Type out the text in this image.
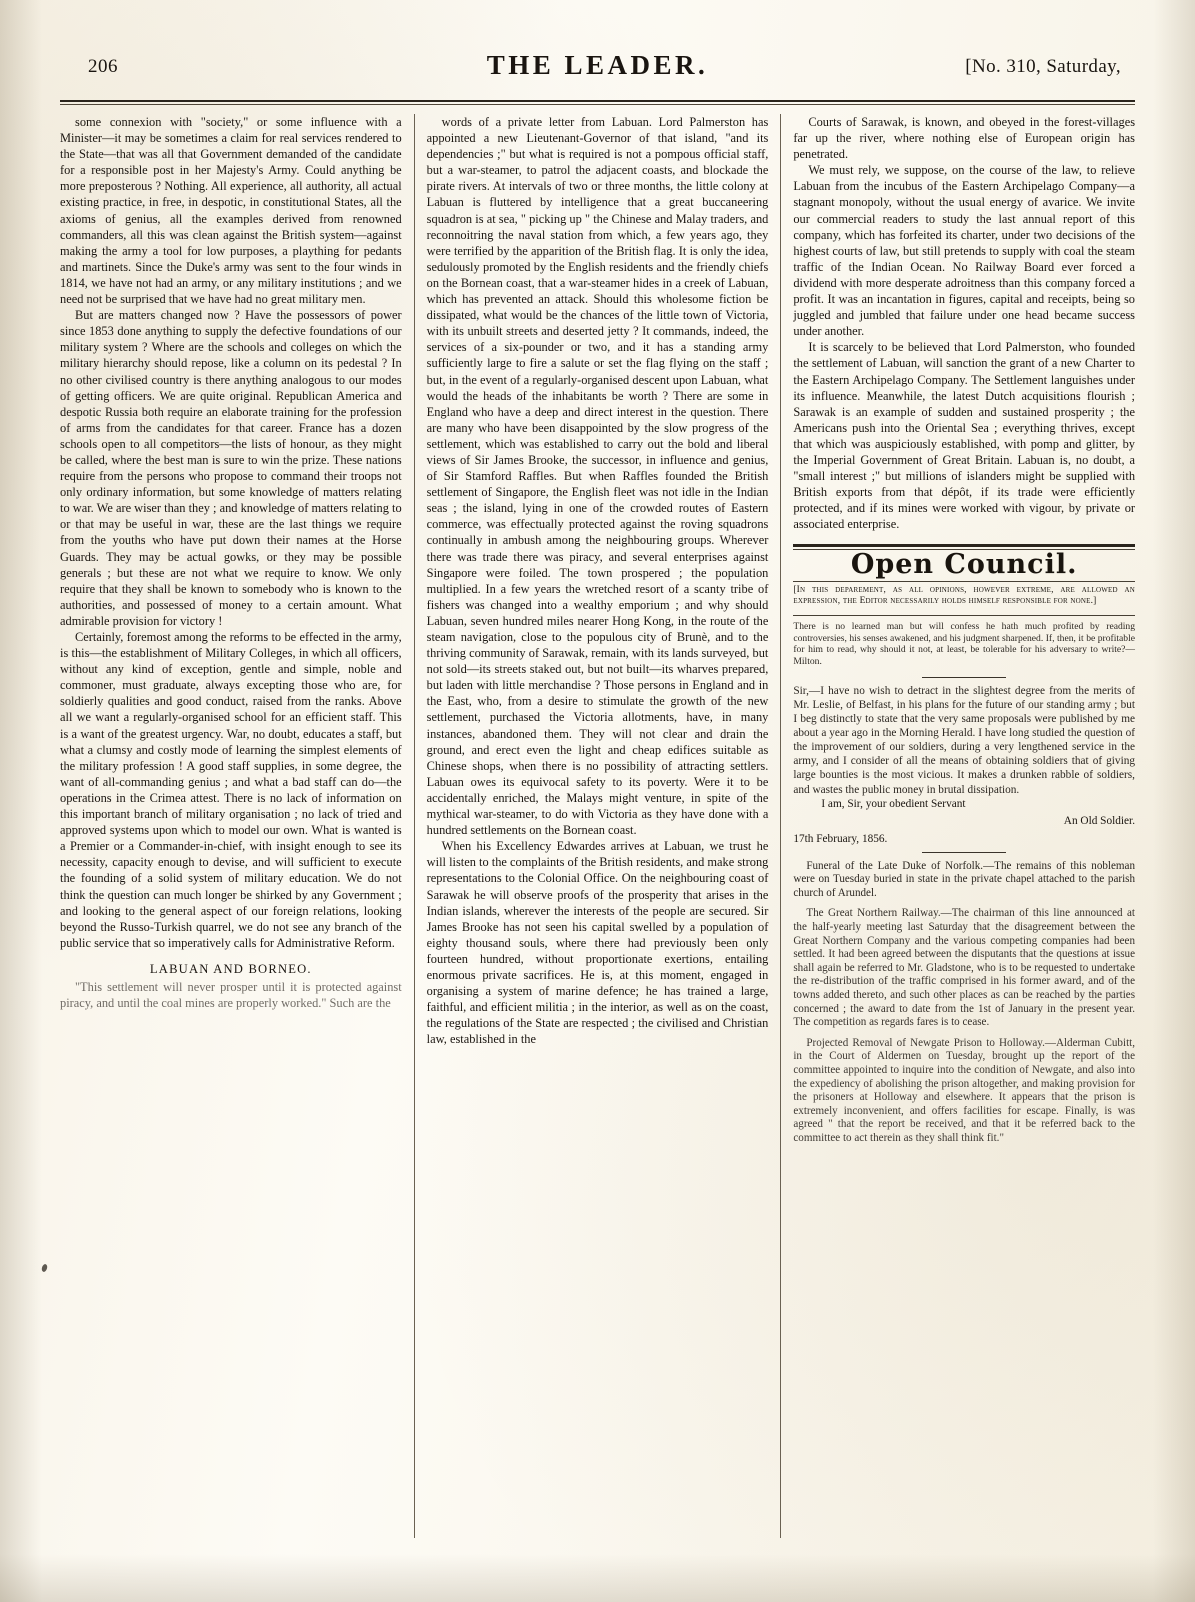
206	THE LEADER.	[No. 310, Saturday,

some connexion with "society," or some influence with a Minister—it may be sometimes a claim for real services rendered to the State—that was all that Government demanded of the candidate for a responsible post in her Majesty's Army. Could anything be more preposterous ? Nothing. All experience, all authority, all actual existing practice, in free, in despotic, in constitutional States, all the axioms of genius, all the examples derived from renowned commanders, all this was clean against the British system—against making the army a tool for low purposes, a plaything for pedants and martinets. Since the Duke's army was sent to the four winds in 1814, we have not had an army, or any military institutions ; and we need not be surprised that we have had no great military men.

But are matters changed now ? Have the possessors of power since 1853 done anything to supply the defective foundations of our military system ? Where are the schools and colleges on which the military hierarchy should repose, like a column on its pedestal ? In no other civilised country is there anything analogous to our modes of getting officers. We are quite original. Republican America and despotic Russia both require an elaborate training for the profession of arms from the candidates for that career. France has a dozen schools open to all competitors—the lists of honour, as they might be called, where the best man is sure to win the prize. These nations require from the persons who propose to command their troops not only ordinary information, but some knowledge of matters relating to war. We are wiser than they ; and knowledge of matters relating to or that may be useful in war, these are the last things we require from the youths who have put down their names at the Horse Guards. They may be actual gowks, or they may be possible generals ; but these are not what we require to know. We only require that they shall be known to somebody who is known to the authorities, and possessed of money to a certain amount. What admirable provision for victory !

Certainly, foremost among the reforms to be effected in the army, is this—the establishment of Military Colleges, in which all officers, without any kind of exception, gentle and simple, noble and commoner, must graduate, always excepting those who are, for soldierly qualities and good conduct, raised from the ranks. Above all we want a regularly-organised school for an efficient staff. This is a want of the greatest urgency. War, no doubt, educates a staff, but what a clumsy and costly mode of learning the simplest elements of the military profession ! A good staff supplies, in some degree, the want of all-commanding genius ; and what a bad staff can do—the operations in the Crimea attest. There is no lack of information on this important branch of military organisation ; no lack of tried and approved systems upon which to model our own. What is wanted is a Premier or a Commander-in-chief, with insight enough to see its necessity, capacity enough to devise, and will sufficient to execute the founding of a solid system of military education. We do not think the question can much longer be shirked by any Government ; and looking to the general aspect of our foreign relations, looking beyond the Russo-Turkish quarrel, we do not see any branch of the public service that so imperatively calls for Administrative Reform.

LABUAN AND BORNEO.

"This settlement will never prosper until it is protected against piracy, and until the coal mines are properly worked." Such are the

words of a private letter from Labuan. Lord Palmerston has appointed a new Lieutenant-Governor of that island, "and its dependencies ;" but what is required is not a pompous official staff, but a war-steamer, to patrol the adjacent coasts, and blockade the pirate rivers. At intervals of two or three months, the little colony at Labuan is fluttered by intelligence that a great buccaneering squadron is at sea, " picking up " the Chinese and Malay traders, and reconnoitring the naval station from which, a few years ago, they were terrified by the apparition of the British flag. It is only the idea, sedulously promoted by the English residents and the friendly chiefs on the Bornean coast, that a war-steamer hides in a creek of Labuan, which has prevented an attack. Should this wholesome fiction be dissipated, what would be the chances of the little town of Victoria, with its unbuilt streets and deserted jetty ? It commands, indeed, the services of a six-pounder or two, and it has a standing army sufficiently large to fire a salute or set the flag flying on the staff ; but, in the event of a regularly-organised descent upon Labuan, what would the heads of the inhabitants be worth ? There are some in England who have a deep and direct interest in the question. There are many who have been disappointed by the slow progress of the settlement, which was established to carry out the bold and liberal views of Sir James Brooke, the successor, in influence and genius, of Sir Stamford Raffles. But when Raffles founded the British settlement of Singapore, the English fleet was not idle in the Indian seas ; the island, lying in one of the crowded routes of Eastern commerce, was effectually protected against the roving squadrons continually in ambush among the neighbouring groups. Wherever there was trade there was piracy, and several enterprises against Singapore were foiled. The town prospered ; the population multiplied. In a few years the wretched resort of a scanty tribe of fishers was changed into a wealthy emporium ; and why should Labuan, seven hundred miles nearer Hong Kong, in the route of the steam navigation, close to the populous city of Brunè, and to the thriving community of Sarawak, remain, with its lands surveyed, but not sold—its streets staked out, but not built—its wharves prepared, but laden with little merchandise ? Those persons in England and in the East, who, from a desire to stimulate the growth of the new settlement, purchased the Victoria allotments, have, in many instances, abandoned them. They will not clear and drain the ground, and erect even the light and cheap edifices suitable as Chinese shops, when there is no possibility of attracting settlers. Labuan owes its equivocal safety to its poverty. Were it to be accidentally enriched, the Malays might venture, in spite of the mythical war-steamer, to do with Victoria as they have done with a hundred settlements on the Bornean coast.

When his Excellency Edwardes arrives at Labuan, we trust he will listen to the complaints of the British residents, and make strong representations to the Colonial Office. On the neighbouring coast of Sarawak he will observe proofs of the prosperity that arises in the Indian islands, wherever the interests of the people are secured. Sir James Brooke has not seen his capital swelled by a population of eighty thousand souls, where there had previously been only fourteen hundred, without proportionate exertions, entailing enormous private sacrifices. He is, at this moment, engaged in organising a system of marine defence; he has trained a large, faithful, and efficient militia ; in the interior, as well as on the coast, the regulations of the State are respected ; the civilised and Christian law, established in the

Courts of Sarawak, is known, and obeyed in the forest-villages far up the river, where nothing else of European origin has penetrated.

We must rely, we suppose, on the course of the law, to relieve Labuan from the incubus of the Eastern Archipelago Company—a stagnant monopoly, without the usual energy of avarice. We invite our commercial readers to study the last annual report of this company, which has forfeited its charter, under two decisions of the highest courts of law, but still pretends to supply with coal the steam traffic of the Indian Ocean. No Railway Board ever forced a dividend with more desperate adroitness than this company forced a profit. It was an incantation in figures, capital and receipts, being so juggled and jumbled that failure under one head became success under another.

It is scarcely to be believed that Lord Palmerston, who founded the settlement of Labuan, will sanction the grant of a new Charter to the Eastern Archipelago Company. The Settlement languishes under its influence. Meanwhile, the latest Dutch acquisitions flourish ; Sarawak is an example of sudden and sustained prosperity ; the Americans push into the Oriental Sea ; everything thrives, except that which was auspiciously established, with pomp and glitter, by the Imperial Government of Great Britain. Labuan is, no doubt, a "small interest ;" but millions of islanders might be supplied with British exports from that dépôt, if its trade were efficiently protected, and if its mines were worked with vigour, by private or associated enterprise.

Open Council.
[In this deparement, as all opinions, however extreme, are allowed an expression, the Editor necessarily holds himself responsible for none.]
There is no learned man but will confess he hath much profited by reading controversies, his senses awakened, and his judgment sharpened. If, then, it be profitable for him to read, why should it not, at least, be tolerable for his adversary to write?—Milton.
Sir,—I have no wish to detract in the slightest degree from the merits of Mr. Leslie, of Belfast, in his plans for the future of our standing army ; but I beg distinctly to state that the very same proposals were published by me about a year ago in the Morning Herald. I have long studied the question of the improvement of our soldiers, during a very lengthened service in the army, and I consider of all the means of obtaining soldiers that of giving large bounties is the most vicious. It makes a drunken rabble of soldiers, and wastes the public money in brutal dissipation.
I am, Sir, your obedient Servant
An Old Soldier.
17th February, 1856.
Funeral of the Late Duke of Norfolk.—The remains of this nobleman were on Tuesday buried in state in the private chapel attached to the parish church of Arundel.
The Great Northern Railway.—The chairman of this line announced at the half-yearly meeting last Saturday that the disagreement between the Great Northern Company and the various competing companies had been settled. It had been agreed between the disputants that the questions at issue shall again be referred to Mr. Gladstone, who is to be requested to undertake the re-distribution of the traffic comprised in his former award, and of the towns added thereto, and such other places as can be reached by the parties concerned ; the award to date from the 1st of January in the present year. The competition as regards fares is to cease.
Projected Removal of Newgate Prison to Holloway.—Alderman Cubitt, in the Court of Aldermen on Tuesday, brought up the report of the committee appointed to inquire into the condition of Newgate, and also into the expediency of abolishing the prison altogether, and making provision for the prisoners at Holloway and elsewhere. It appears that the prison is extremely inconvenient, and offers facilities for escape. Finally, is was agreed " that the report be received, and that it be referred back to the committee to act therein as they shall think fit."
